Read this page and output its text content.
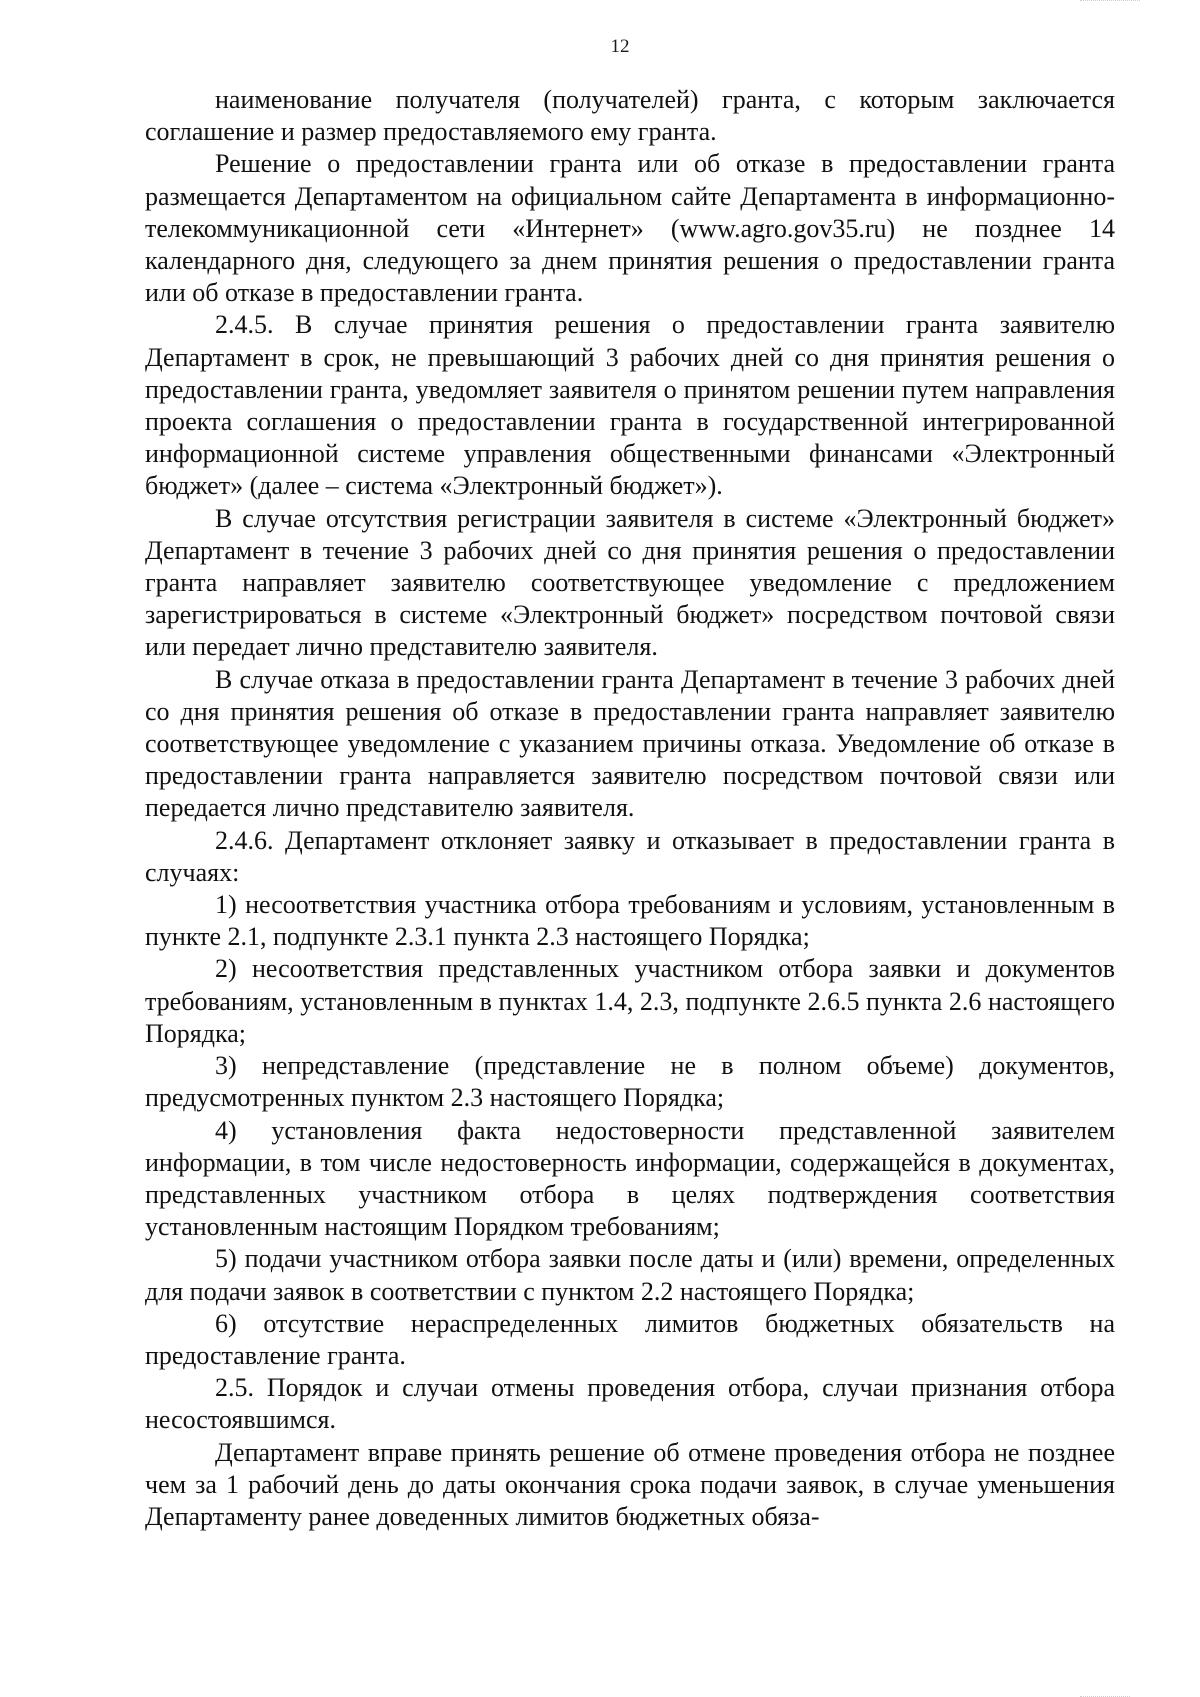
12

наименование получателя (получателей) гранта, с которым заключается соглашение и размер предоставляемого ему гранта.

Решение о предоставлении гранта или об отказе в предоставлении гранта размещается Департаментом на официальном сайте Департамента в информационно-телекоммуникационной сети «Интернет» (www.agro.gov35.ru) не позднее 14 календарного дня, следующего за днем принятия решения о предоставлении гранта или об отказе в предоставлении гранта.

2.4.5. В случае принятия решения о предоставлении гранта заявителю Департамент в срок, не превышающий 3 рабочих дней со дня принятия решения о предоставлении гранта, уведомляет заявителя о принятом решении путем направления проекта соглашения о предоставлении гранта в государственной интегрированной информационной системе управления общественными финансами «Электронный бюджет» (далее – система «Электронный бюджет»).

В случае отсутствия регистрации заявителя в системе «Электронный бюджет» Департамент в течение 3 рабочих дней со дня принятия решения о предоставлении гранта направляет заявителю соответствующее уведомление с предложением зарегистрироваться в системе «Электронный бюджет» посредством почтовой связи или передает лично представителю заявителя.

В случае отказа в предоставлении гранта Департамент в течение 3 рабочих дней со дня принятия решения об отказе в предоставлении гранта направляет заявителю соответствующее уведомление с указанием причины отказа. Уведомление об отказе в предоставлении гранта направляется заявителю посредством почтовой связи или передается лично представителю заявителя.

2.4.6. Департамент отклоняет заявку и отказывает в предоставлении гранта в случаях:

1) несоответствия участника отбора требованиям и условиям, установленным в пункте 2.1, подпункте 2.3.1 пункта 2.3 настоящего Порядка;

2) несоответствия представленных участником отбора заявки и документов требованиям, установленным в пунктах 1.4, 2.3, подпункте 2.6.5 пункта 2.6 настоящего Порядка;

3) непредставление (представление не в полном объеме) документов, предусмотренных пунктом 2.3 настоящего Порядка;

4) установления факта недостоверности представленной заявителем информации, в том числе недостоверность информации, содержащейся в документах, представленных участником отбора в целях подтверждения соответствия установленным настоящим Порядком требованиям;

5) подачи участником отбора заявки после даты и (или) времени, определенных для подачи заявок в соответствии с пунктом 2.2 настоящего Порядка;

6) отсутствие нераспределенных лимитов бюджетных обязательств на предоставление гранта.

2.5. Порядок и случаи отмены проведения отбора, случаи признания отбора несостоявшимся.

Департамент вправе принять решение об отмене проведения отбора не позднее чем за 1 рабочий день до даты окончания срока подачи заявок, в случае уменьшения Департаменту ранее доведенных лимитов бюджетных обяза-
